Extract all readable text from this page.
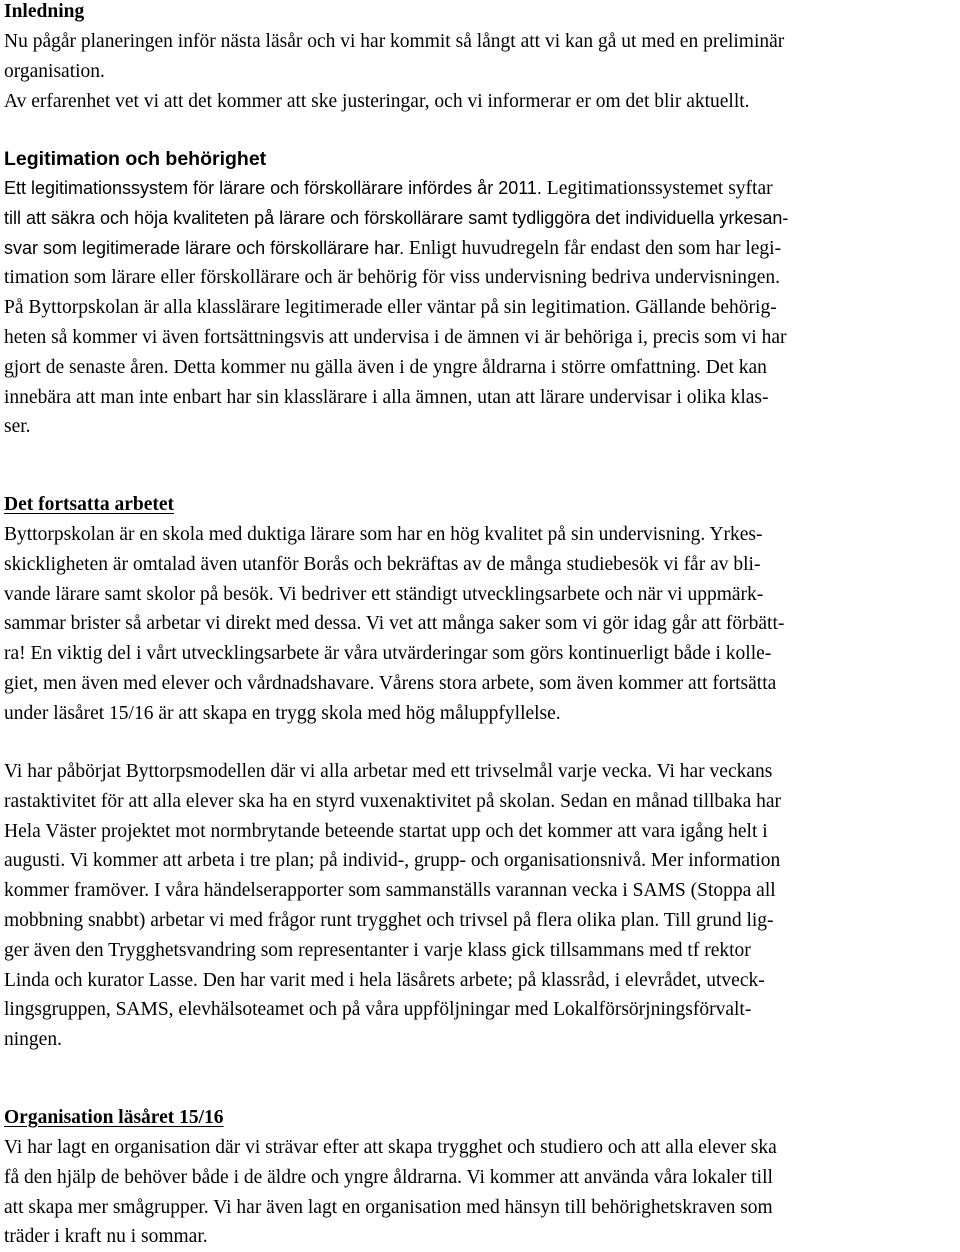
Inledning

Nu pågår planeringen inför nästa läsår och vi har kommit så långt att vi kan gå ut med en preliminär
organisation.
Av erfarenhet vet vi att det kommer att ske justeringar, och vi informerar er om det blir aktuellt.

Legitimation och behörighet

Ett legitimationssystem för lärare och förskollärare infördes år 2011. Legitimationssystemet syftar
till att säkra och höja kvaliteten på lärare och förskollärare samt tydliggöra det individuella yrkesan-
svar som legitimerade lärare och förskollärare har. Enligt huvudregeln får endast den som har legi-
timation som lärare eller förskollärare och är behörig för viss undervisning bedriva undervisningen.
På Byttorpskolan är alla klasslärare legitimerade eller väntar på sin legitimation. Gällande behörig-
heten så kommer vi även fortsättningsvis att undervisa i de ämnen vi är behöriga i, precis som vi har
gjort de senaste åren. Detta kommer nu gälla även i de yngre åldrarna i större omfattning. Det kan
innebära att man inte enbart har sin klasslärare i alla ämnen, utan att lärare undervisar i olika klas-
ser.

Det fortsatta arbetet

Byttorpskolan är en skola med duktiga lärare som har en hög kvalitet på sin undervisning. Yrkes-
skickligheten är omtalad även utanför Borås och bekräftas av de många studiebesök vi får av bli-
vande lärare samt skolor på besök. Vi bedriver ett ständigt utvecklingsarbete och när vi uppmärk-
sammar brister så arbetar vi direkt med dessa. Vi vet att många saker som vi gör idag går att förbätt-
ra! En viktig del i vårt utvecklingsarbete är våra utvärderingar som görs kontinuerligt både i kolle-
giet, men även med elever och vårdnadshavare. Vårens stora arbete, som även kommer att fortsätta
under läsåret 15/16 är att skapa en trygg skola med hög måluppfyllelse.

Vi har påbörjat Byttorpsmodellen där vi alla arbetar med ett trivselmål varje vecka. Vi har veckans
rastaktivitet för att alla elever ska ha en styrd vuxenaktivitet på skolan. Sedan en månad tillbaka har
Hela Väster projektet mot normbrytande beteende startat upp och det kommer att vara igång helt i
augusti. Vi kommer att arbeta i tre plan; på individ-, grupp- och organisationsnivå. Mer information
kommer framöver. I våra händelserapporter som sammanställs varannan vecka i SAMS (Stoppa all
mobbning snabbt) arbetar vi med frågor runt trygghet och trivsel på flera olika plan. Till grund lig-
ger även den Trygghetsvandring som representanter i varje klass gick tillsammans med tf rektor
Linda och kurator Lasse. Den har varit med i hela läsårets arbete; på klassråd, i elevrådet, utveck-
lingsgruppen, SAMS, elevhälsoteamet och på våra uppföljningar med Lokalförsörjningsförvalt-
ningen.

Organisation läsåret 15/16

Vi har lagt en organisation där vi strävar efter att skapa trygghet och studiero och att alla elever ska
få den hjälp de behöver både i de äldre och yngre åldrarna. Vi kommer att använda våra lokaler till
att skapa mer smågrupper. Vi har även lagt en organisation med hänsyn till behörighetskraven som
träder i kraft nu i sommar.
